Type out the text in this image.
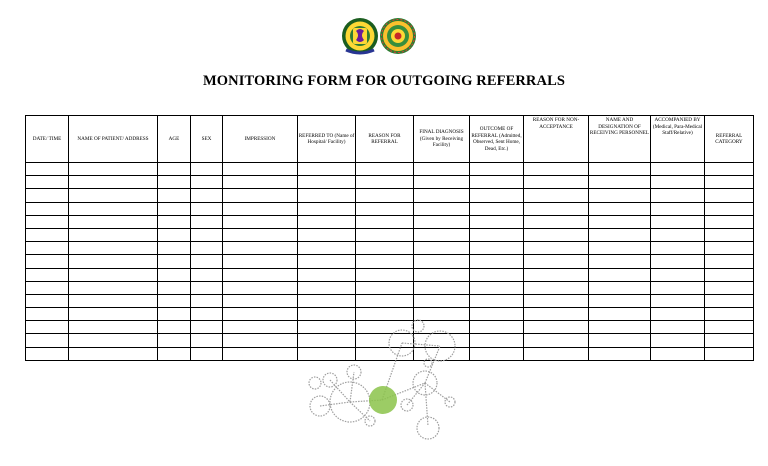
MONITORING FORM FOR OUTGOING REFERRALS
DATE/ TIME	NAME OF PATIENT/ ADDRESS	AGE	SEX	IMPRESSION	REFERRED TO (Name of Hospital/ Facility)	REASON FOR REFERRAL	FINAL DIAGNOSIS (Given by Receiving Facility)	OUTCOME OF REFERRAL (Admitted, Observed, Sent Home, Dead, Etc.)	REASON FOR NON-ACCEPTANCE	NAME AND DESIGNATION OF RECEIVING PERSONNEL	ACCOMPANIED BY (Medical, Para-Medical Staff/Relative)	REFERRAL CATEGORY
